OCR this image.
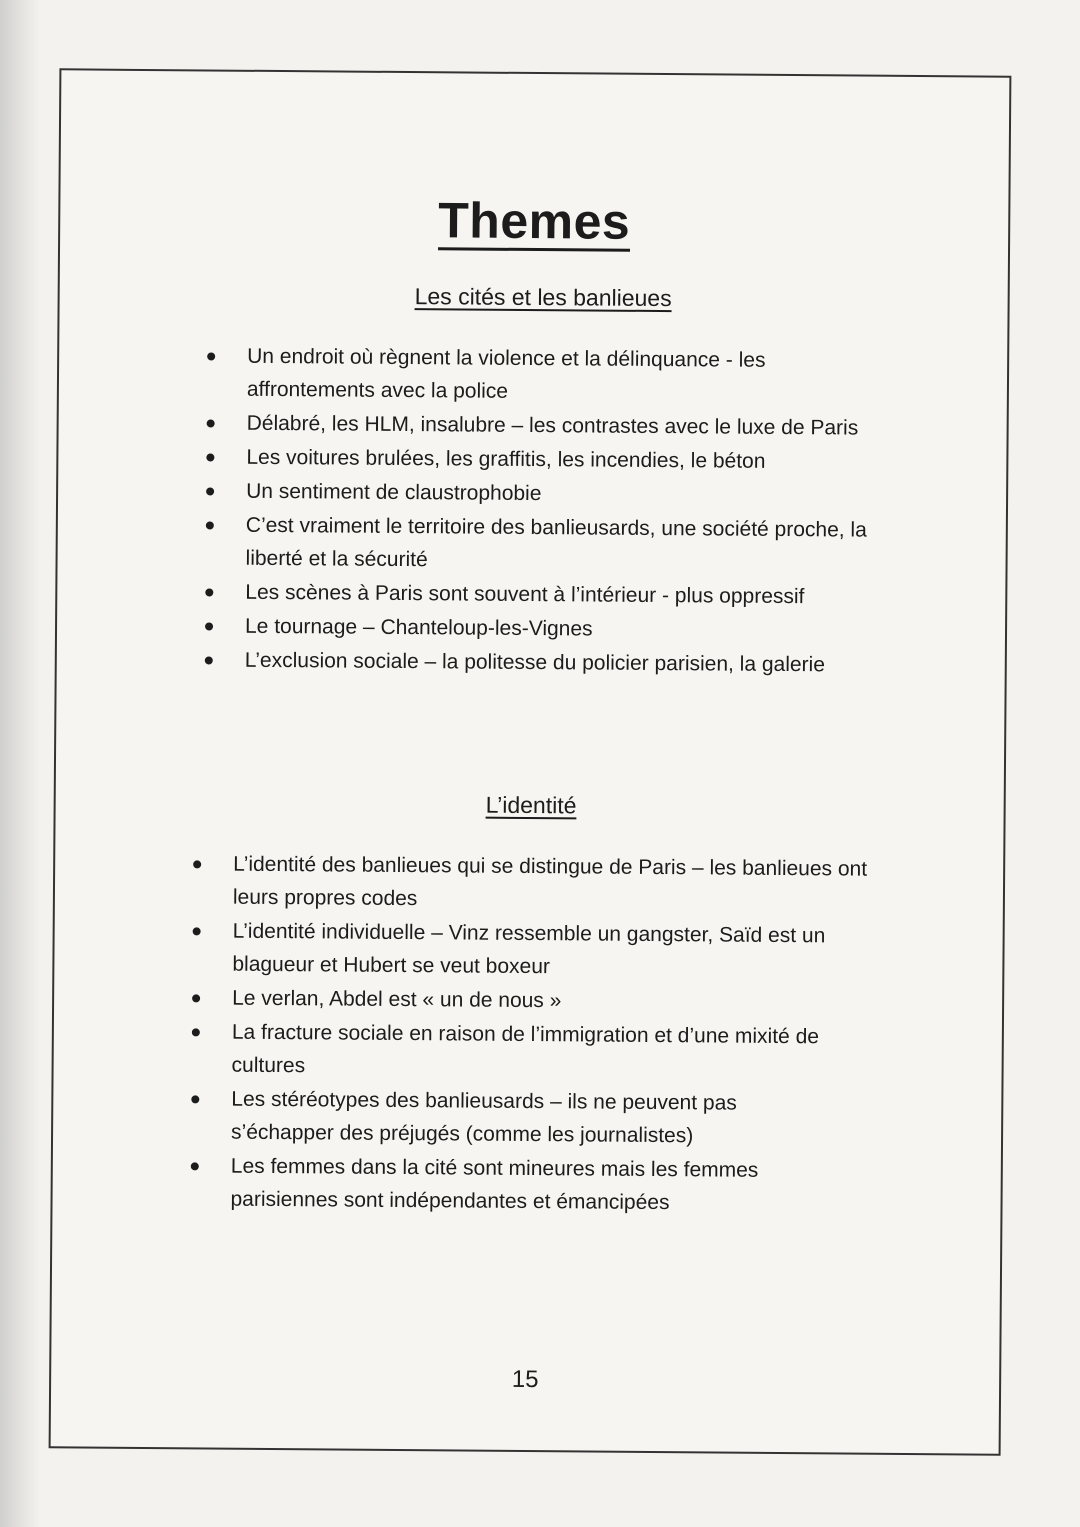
Themes
Les cités et les banlieues
Un endroit où règnent la violence et la délinquance - les affrontements avec la police
Délabré, les HLM, insalubre – les contrastes avec le luxe de Paris
Les voitures brulées, les graffitis, les incendies, le béton
Un sentiment de claustrophobie
C’est vraiment le territoire des banlieusards, une société proche, la liberté et la sécurité
Les scènes à Paris sont souvent à l’intérieur - plus oppressif
Le tournage – Chanteloup-les-Vignes
L’exclusion sociale – la politesse du policier parisien, la galerie
L’identité
L’identité des banlieues qui se distingue de Paris – les banlieues ont leurs propres codes
L’identité individuelle – Vinz ressemble un gangster, Saïd est un blagueur et Hubert se veut boxeur
Le verlan, Abdel est « un de nous »
La fracture sociale en raison de l’immigration et d’une mixité de cultures
Les stéréotypes des banlieusards – ils ne peuvent pas s’échapper des préjugés (comme les journalistes)
Les femmes dans la cité sont mineures mais les femmes parisiennes sont indépendantes et émancipées
15
